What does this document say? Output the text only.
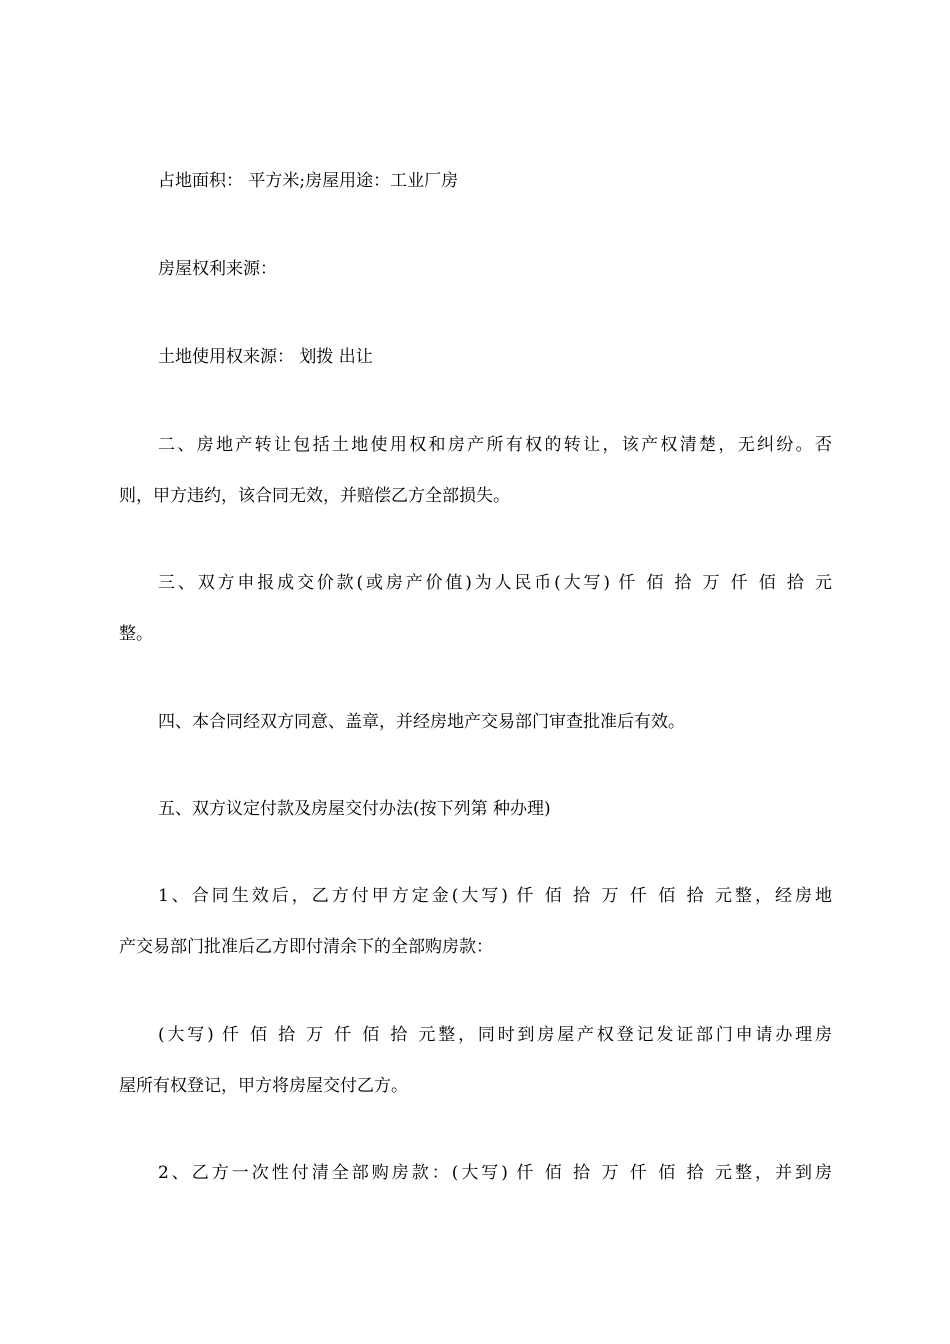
占地面积： 平方米;房屋用途：工业厂房

房屋权利来源：

土地使用权来源： 划拨 出让

二、房地产转让包括土地使用权和房产所有权的转让，该产权清楚，无纠纷。否

则，甲方违约，该合同无效，并赔偿乙方全部损失。

三、双方申报成交价款(或房产价值)为人民币(大写) 仟 佰 拾 万 仟 佰 拾 元

整。

四、本合同经双方同意、盖章，并经房地产交易部门审查批准后有效。

五、双方议定付款及房屋交付办法(按下列第 种办理)

1、合同生效后，乙方付甲方定金(大写) 仟 佰 拾 万 仟 佰 拾 元整，经房地

产交易部门批准后乙方即付清余下的全部购房款：

(大写) 仟 佰 拾 万 仟 佰 拾 元整，同时到房屋产权登记发证部门申请办理房

屋所有权登记，甲方将房屋交付乙方。

2、乙方一次性付清全部购房款：(大写) 仟 佰 拾 万 仟 佰 拾 元整，并到房
